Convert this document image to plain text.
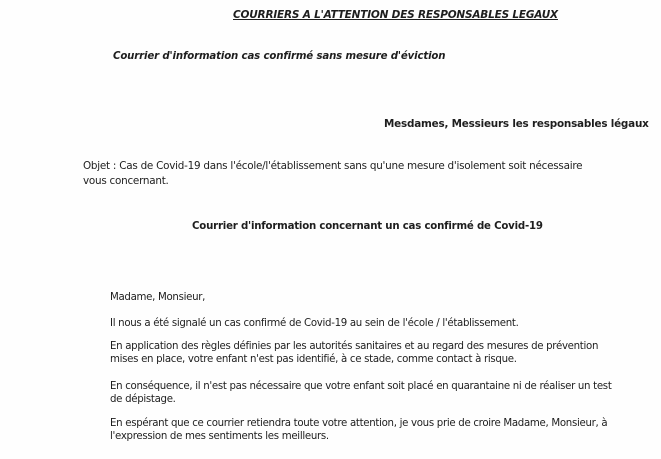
COURRIERS A L'ATTENTION DES RESPONSABLES LEGAUX
Courrier d'information cas confirmé sans mesure d'éviction
Mesdames, Messieurs les responsables légaux
Objet : Cas de Covid-19 dans l'école/l'établissement sans qu'une mesure d'isolement soit nécessaire vous concernant.
Courrier d'information concernant un cas confirmé de Covid-19
Madame, Monsieur,
Il nous a été signalé un cas confirmé de Covid-19 au sein de l'école / l'établissement.
En application des règles définies par les autorités sanitaires et au regard des mesures de prévention mises en place, votre enfant n'est pas identifié, à ce stade, comme contact à risque.
En conséquence, il n'est pas nécessaire que votre enfant soit placé en quarantaine ni de réaliser un test de dépistage.
En espérant que ce courrier retiendra toute votre attention, je vous prie de croire Madame, Monsieur, à l'expression de mes sentiments les meilleurs.
